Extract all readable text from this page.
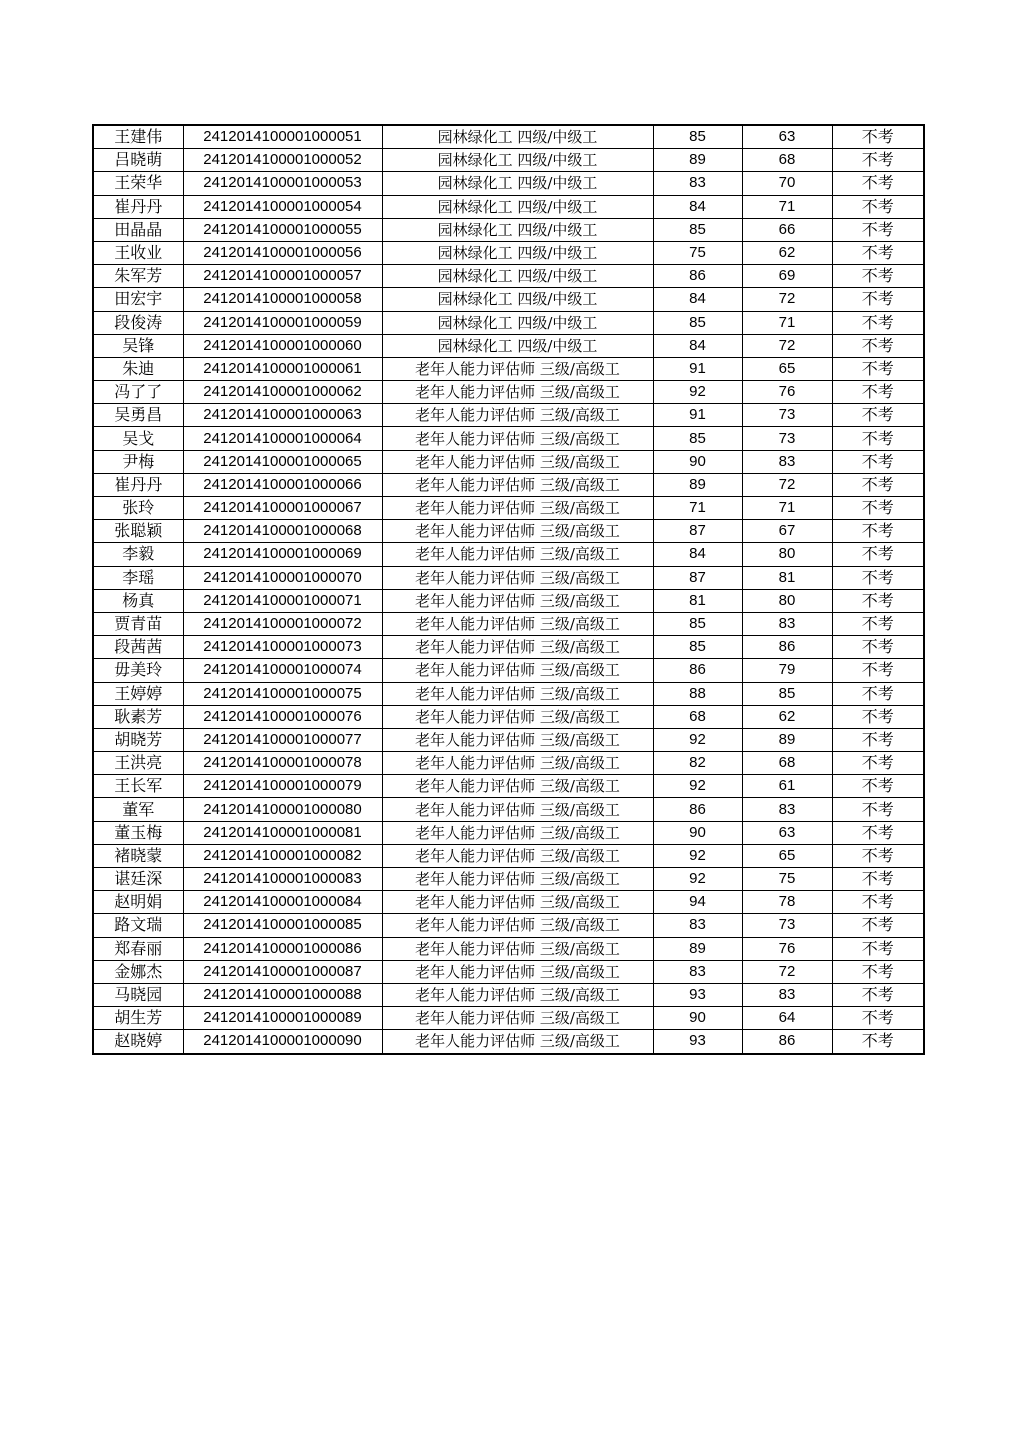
王建伟	2412014100001000051	园林绿化工 四级/中级工	85	63	不考
吕晓萌	2412014100001000052	园林绿化工 四级/中级工	89	68	不考
王荣华	2412014100001000053	园林绿化工 四级/中级工	83	70	不考
崔丹丹	2412014100001000054	园林绿化工 四级/中级工	84	71	不考
田晶晶	2412014100001000055	园林绿化工 四级/中级工	85	66	不考
王收业	2412014100001000056	园林绿化工 四级/中级工	75	62	不考
朱军芳	2412014100001000057	园林绿化工 四级/中级工	86	69	不考
田宏宇	2412014100001000058	园林绿化工 四级/中级工	84	72	不考
段俊涛	2412014100001000059	园林绿化工 四级/中级工	85	71	不考
吴锋	2412014100001000060	园林绿化工 四级/中级工	84	72	不考
朱迪	2412014100001000061	老年人能力评估师 三级/高级工	91	65	不考
冯了了	2412014100001000062	老年人能力评估师 三级/高级工	92	76	不考
吴勇昌	2412014100001000063	老年人能力评估师 三级/高级工	91	73	不考
吴戈	2412014100001000064	老年人能力评估师 三级/高级工	85	73	不考
尹梅	2412014100001000065	老年人能力评估师 三级/高级工	90	83	不考
崔丹丹	2412014100001000066	老年人能力评估师 三级/高级工	89	72	不考
张玲	2412014100001000067	老年人能力评估师 三级/高级工	71	71	不考
张聪颖	2412014100001000068	老年人能力评估师 三级/高级工	87	67	不考
李毅	2412014100001000069	老年人能力评估师 三级/高级工	84	80	不考
李瑶	2412014100001000070	老年人能力评估师 三级/高级工	87	81	不考
杨真	2412014100001000071	老年人能力评估师 三级/高级工	81	80	不考
贾青苗	2412014100001000072	老年人能力评估师 三级/高级工	85	83	不考
段茜茜	2412014100001000073	老年人能力评估师 三级/高级工	85	86	不考
毋美玲	2412014100001000074	老年人能力评估师 三级/高级工	86	79	不考
王婷婷	2412014100001000075	老年人能力评估师 三级/高级工	88	85	不考
耿素芳	2412014100001000076	老年人能力评估师 三级/高级工	68	62	不考
胡晓芳	2412014100001000077	老年人能力评估师 三级/高级工	92	89	不考
王洪亮	2412014100001000078	老年人能力评估师 三级/高级工	82	68	不考
王长军	2412014100001000079	老年人能力评估师 三级/高级工	92	61	不考
董军	2412014100001000080	老年人能力评估师 三级/高级工	86	83	不考
董玉梅	2412014100001000081	老年人能力评估师 三级/高级工	90	63	不考
褚晓蒙	2412014100001000082	老年人能力评估师 三级/高级工	92	65	不考
谌廷深	2412014100001000083	老年人能力评估师 三级/高级工	92	75	不考
赵明娟	2412014100001000084	老年人能力评估师 三级/高级工	94	78	不考
路文瑞	2412014100001000085	老年人能力评估师 三级/高级工	83	73	不考
郑春丽	2412014100001000086	老年人能力评估师 三级/高级工	89	76	不考
金娜杰	2412014100001000087	老年人能力评估师 三级/高级工	83	72	不考
马晓园	2412014100001000088	老年人能力评估师 三级/高级工	93	83	不考
胡生芳	2412014100001000089	老年人能力评估师 三级/高级工	90	64	不考
赵晓婷	2412014100001000090	老年人能力评估师 三级/高级工	93	86	不考
